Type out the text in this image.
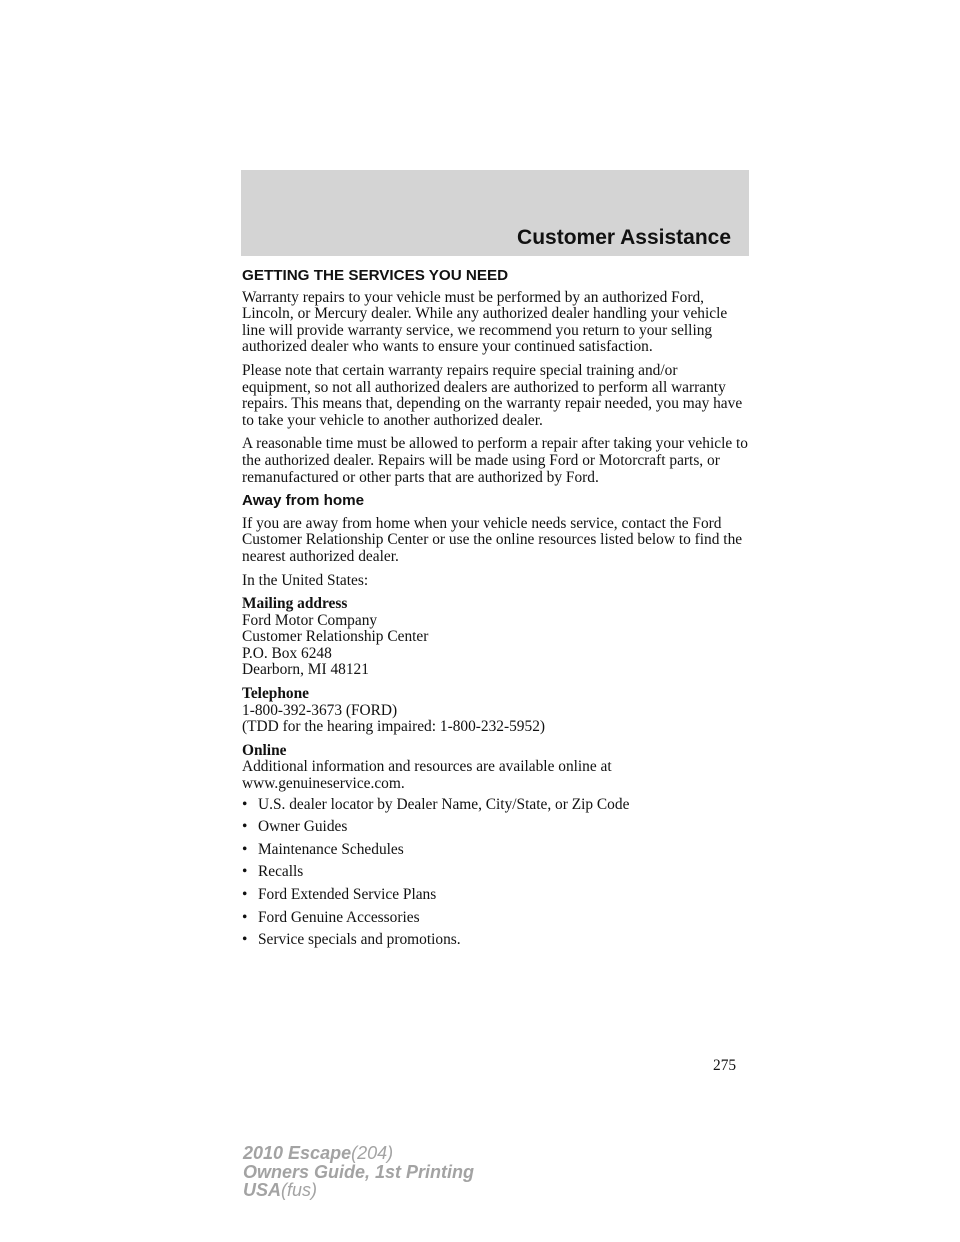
Customer Assistance
GETTING THE SERVICES YOU NEED

Warranty repairs to your vehicle must be performed by an authorized Ford, Lincoln, or Mercury dealer. While any authorized dealer handling your vehicle line will provide warranty service, we recommend you return to your selling authorized dealer who wants to ensure your continued satisfaction.

Please note that certain warranty repairs require special training and/or equipment, so not all authorized dealers are authorized to perform all warranty repairs. This means that, depending on the warranty repair needed, you may have to take your vehicle to another authorized dealer.

A reasonable time must be allowed to perform a repair after taking your vehicle to the authorized dealer. Repairs will be made using Ford or Motorcraft parts, or remanufactured or other parts that are authorized by Ford.

Away from home

If you are away from home when your vehicle needs service, contact the Ford Customer Relationship Center or use the online resources listed below to find the nearest authorized dealer.

In the United States:

Mailing address
Ford Motor Company
Customer Relationship Center
P.O. Box 6248
Dearborn, MI 48121
Telephone
1-800-392-3673 (FORD)
(TDD for the hearing impaired: 1-800-232-5952)
Online
Additional information and resources are available online at
www.genuineservice.com.
• U.S. dealer locator by Dealer Name, City/State, or Zip Code
• Owner Guides
• Maintenance Schedules
• Recalls
• Ford Extended Service Plans
• Ford Genuine Accessories
• Service specials and promotions.
275
2010 Escape(204)
Owners Guide, 1st Printing
USA(fus)
